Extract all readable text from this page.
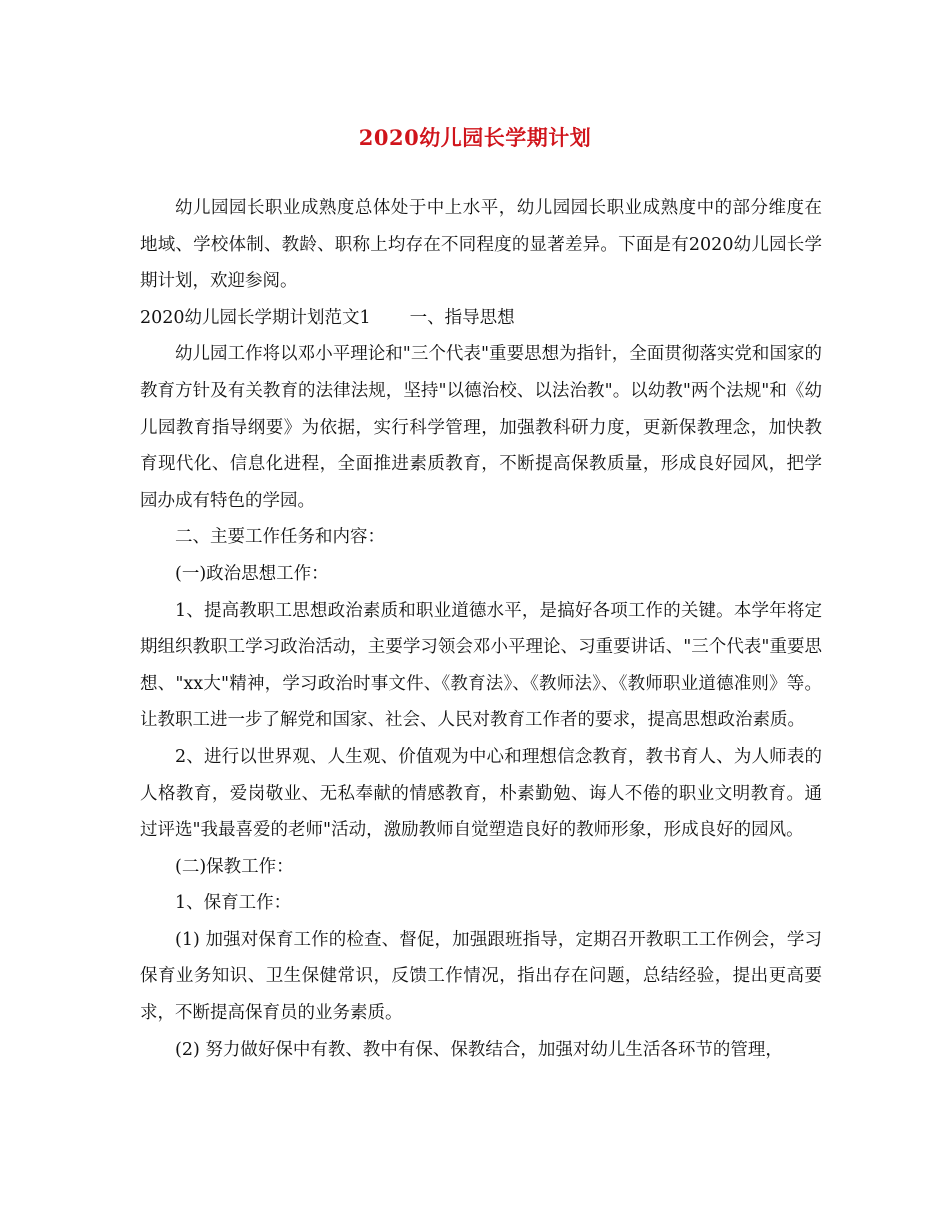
2020幼儿园长学期计划

幼儿园园长职业成熟度总体处于中上水平，幼儿园园长职业成熟度中的部分维度在地域、学校体制、教龄、职称上均存在不同程度的显著差异。下面是有2020幼儿园长学期计划，欢迎参阅。

2020幼儿园长学期计划范文1       一、指导思想

幼儿园工作将以邓小平理论和"三个代表"重要思想为指针，全面贯彻落实党和国家的教育方针及有关教育的法律法规，坚持"以德治校、以法治教"。以幼教"两个法规"和《幼儿园教育指导纲要》为依据，实行科学管理，加强教科研力度，更新保教理念，加快教育现代化、信息化进程，全面推进素质教育，不断提高保教质量，形成良好园风，把学园办成有特色的学园。

二、主要工作任务和内容：

(一)政治思想工作：

1、提高教职工思想政治素质和职业道德水平，是搞好各项工作的关键。本学年将定期组织教职工学习政治活动，主要学习领会邓小平理论、习重要讲话、"三个代表"重要思想、"xx大"精神，学习政治时事文件、《教育法》、《教师法》、《教师职业道德准则》等。让教职工进一步了解党和国家、社会、人民对教育工作者的要求，提高思想政治素质。

2、进行以世界观、人生观、价值观为中心和理想信念教育，教书育人、为人师表的人格教育，爱岗敬业、无私奉献的情感教育，朴素勤勉、诲人不倦的职业文明教育。通过评选"我最喜爱的老师"活动，激励教师自觉塑造良好的教师形象，形成良好的园风。

(二)保教工作：

1、保育工作：

(1) 加强对保育工作的检查、督促，加强跟班指导，定期召开教职工工作例会，学习保育业务知识、卫生保健常识，反馈工作情况，指出存在问题，总结经验，提出更高要求，不断提高保育员的业务素质。

(2) 努力做好保中有教、教中有保、保教结合，加强对幼儿生活各环节的管理，
